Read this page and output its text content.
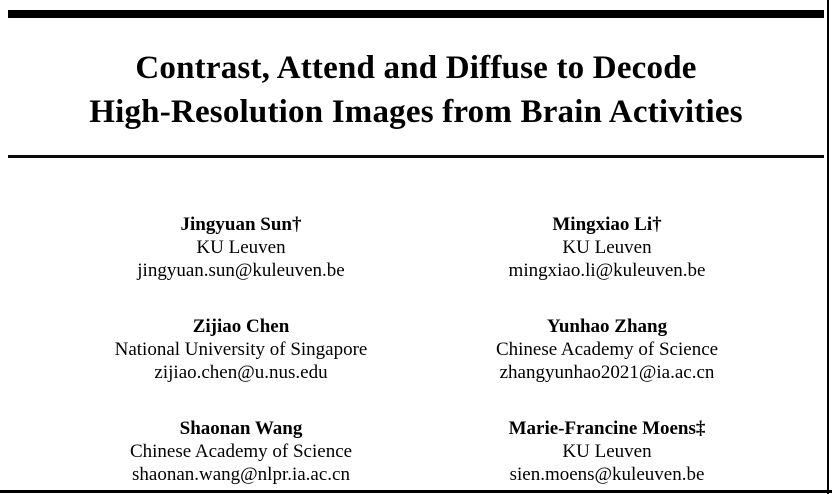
Contrast, Attend and Diffuse to Decode
High-Resolution Images from Brain Activities
Jingyuan Sun†
KU Leuven
jingyuan.sun@kuleuven.be
Mingxiao Li†
KU Leuven
mingxiao.li@kuleuven.be
Zijiao Chen
National University of Singapore
zijiao.chen@u.nus.edu
Yunhao Zhang
Chinese Academy of Science
zhangyunhao2021@ia.ac.cn
Shaonan Wang
Chinese Academy of Science
shaonan.wang@nlpr.ia.ac.cn
Marie-Francine Moens‡
KU Leuven
sien.moens@kuleuven.be
